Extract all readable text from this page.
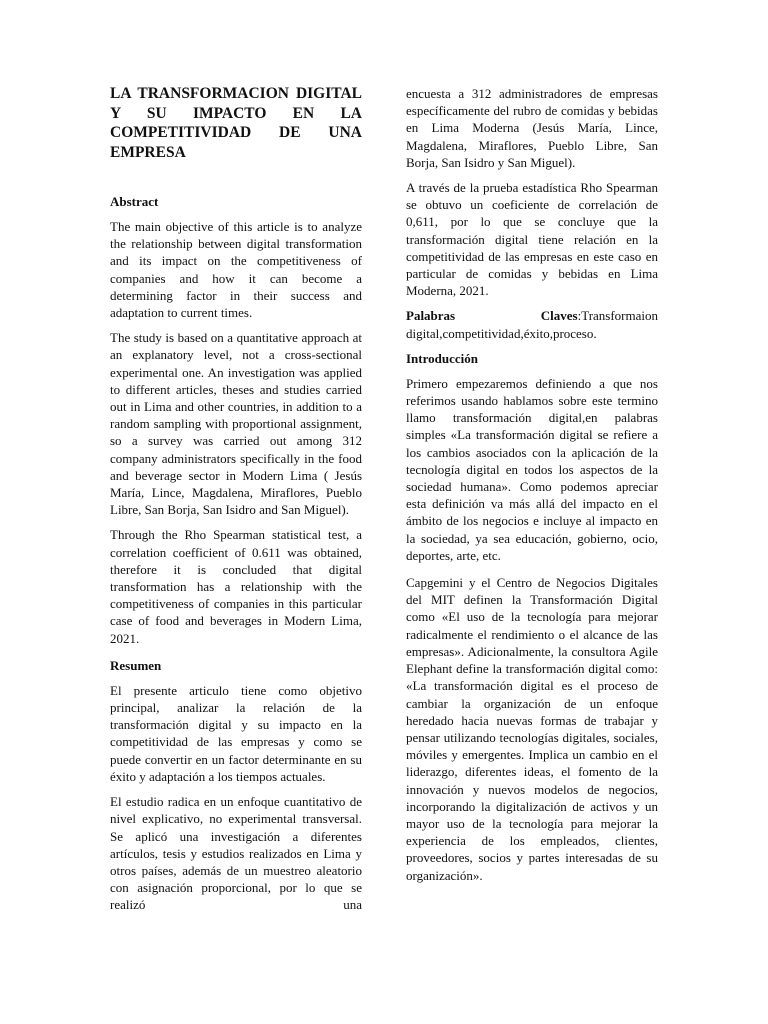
LA TRANSFORMACION DIGITAL Y SU IMPACTO EN LA COMPETITIVIDAD DE UNA EMPRESA
Abstract

The main objective of this article is to analyze the relationship between digital transformation and its impact on the competitiveness of companies and how it can become a determining factor in their success and adaptation to current times.

The study is based on a quantitative approach at an explanatory level, not a cross-sectional experimental one. An investigation was applied to different articles, theses and studies carried out in Lima and other countries, in addition to a random sampling with proportional assignment, so a survey was carried out among 312 company administrators specifically in the food and beverage sector in Modern Lima ( Jesús María, Lince, Magdalena, Miraflores, Pueblo Libre, San Borja, San Isidro and San Miguel).

Through the Rho Spearman statistical test, a correlation coefficient of 0.611 was obtained, therefore it is concluded that digital transformation has a relationship with the competitiveness of companies in this particular case of food and beverages in Modern Lima, 2021.

Resumen

El presente articulo tiene como objetivo principal, analizar la relación de la transformación digital y su impacto en la competitividad de las empresas y como se puede convertir en un factor determinante en su éxito y adaptación a los tiempos actuales.

El estudio radica en un enfoque cuantitativo de nivel explicativo, no experimental transversal. Se aplicó una investigación a diferentes artículos, tesis y estudios realizados en Lima y otros países, además de un muestreo aleatorio con asignación proporcional, por lo que se realizó una

encuesta a 312 administradores de empresas específicamente del rubro de comidas y bebidas en Lima Moderna (Jesús María, Lince, Magdalena, Miraflores, Pueblo Libre, San Borja, San Isidro y San Miguel).

A través de la prueba estadística Rho Spearman se obtuvo un coeficiente de correlación de 0,611, por lo que se concluye que la transformación digital tiene relación en la competitividad de las empresas en este caso en particular de comidas y bebidas en Lima Moderna, 2021.

Palabras Claves:Transformaion digital,competitividad,éxito,proceso.

Introducción

Primero empezaremos definiendo a que nos referimos usando hablamos sobre este termino llamo transformación digital,en palabras simples «La transformación digital se refiere a los cambios asociados con la aplicación de la tecnología digital en todos los aspectos de la sociedad humana». Como podemos apreciar esta definición va más allá del impacto en el ámbito de los negocios e incluye al impacto en la sociedad, ya sea educación, gobierno, ocio, deportes, arte, etc.

Capgemini y el Centro de Negocios Digitales del MIT definen la Transformación Digital como «El uso de la tecnología para mejorar radicalmente el rendimiento o el alcance de las empresas». Adicionalmente, la consultora Agile Elephant define la transformación digital como: «La transformación digital es el proceso de cambiar la organización de un enfoque heredado hacia nuevas formas de trabajar y pensar utilizando tecnologías digitales, sociales, móviles y emergentes. Implica un cambio en el liderazgo, diferentes ideas, el fomento de la innovación y nuevos modelos de negocios, incorporando la digitalización de activos y un mayor uso de la tecnología para mejorar la experiencia de los empleados, clientes, proveedores, socios y partes interesadas de su organización».
